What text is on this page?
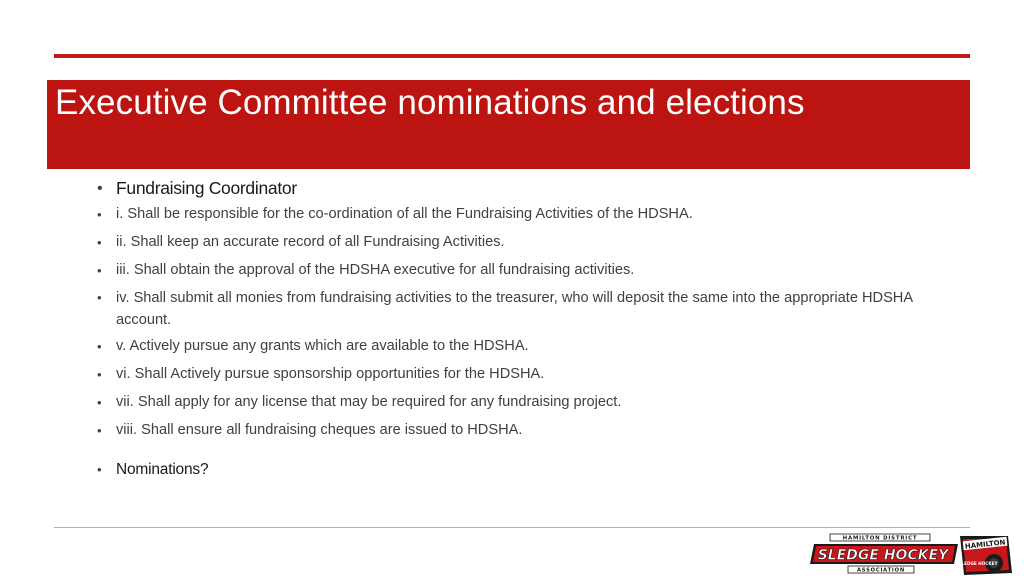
Executive Committee nominations and elections
• Fundraising Coordinator
• i. Shall be responsible for the co-ordination of all the Fundraising Activities of the HDSHA.
• ii. Shall keep an accurate record of all Fundraising Activities.
• iii. Shall obtain the approval of the HDSHA executive for all fundraising activities.
• iv. Shall submit all monies from fundraising activities to the treasurer, who will deposit the same into the appropriate HDSHA account.
• v. Actively pursue any grants which are available to the HDSHA.
• vi. Shall Actively pursue sponsorship opportunities for the HDSHA.
• vii. Shall apply for any license that may be required for any fundraising project.
• viii. Shall ensure all fundraising cheques are issued to HDSHA.
• Nominations?
HAMILTON DISTRICT
SLEDGE HOCKEY
ASSOCIATION
HAMILTON
SLEDGE HOCKEY
